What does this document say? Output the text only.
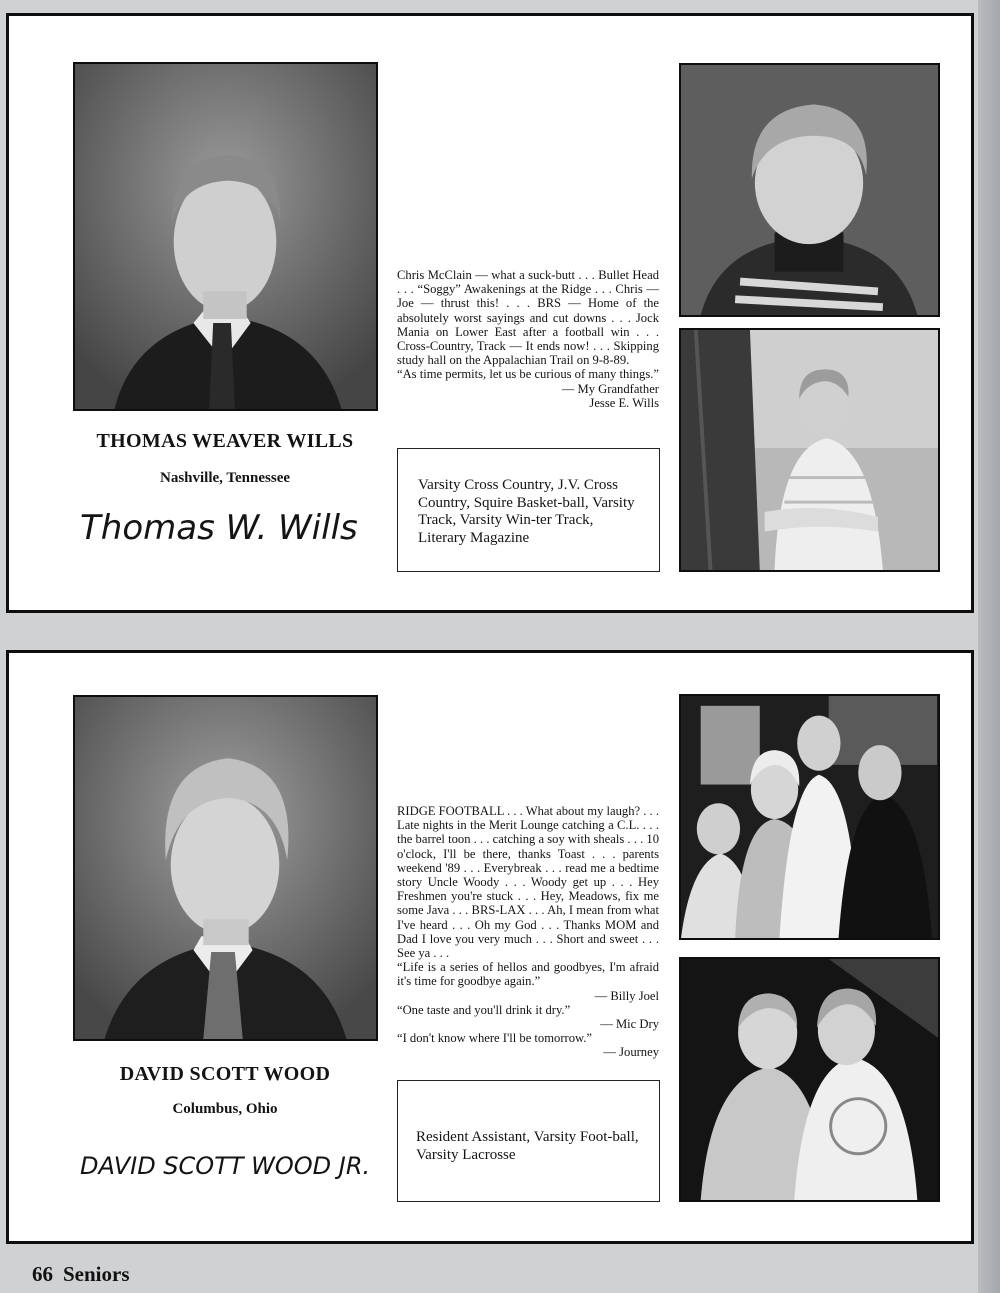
THOMAS WEAVER WILLS
Nashville, Tennessee
Thomas W. Wills

Chris McClain — what a suck-butt . . . Bullet Head . . . “Soggy” Awakenings at the Ridge . . . Chris — Joe — thrust this! . . . BRS — Home of the absolutely worst sayings and cut downs . . . Jock Mania on Lower East after a football win . . . Cross-Country, Track — It ends now! . . . Skipping study hall on the Appalachian Trail on 9-8-89.

“As time permits, let us be curious of many things.”

— My Grandfather

Jesse E. Wills

Varsity Cross Country, J.V. Cross Country, Squire Basket-ball, Varsity Track, Varsity Win-ter Track, Literary Magazine
DAVID SCOTT WOOD
Columbus, Ohio
DAVID SCOTT WOOD JR.

RIDGE FOOTBALL . . . What about my laugh? . . . Late nights in the Merit Lounge catching a C.L. . . . the barrel toon . . . catching a soy with sheals . . . 10 o'clock, I'll be there, thanks Toast . . . parents weekend '89 . . . Everybreak . . . read me a bedtime story Uncle Woody . . . Woody get up . . . Hey Freshmen you're stuck . . . Hey, Meadows, fix me some Java . . . BRS-LAX . . . Ah, I mean from what I've heard . . . Oh my God . . . Thanks MOM and Dad I love you very much . . . Short and sweet . . . See ya . . .

“Life is a series of hellos and goodbyes, I'm afraid it's time for goodbye again.”

— Billy Joel

“One taste and you'll drink it dry.”

— Mic Dry

“I don't know where I'll be tomorrow.”

— Journey

Resident Assistant, Varsity Foot-ball, Varsity Lacrosse
66 Seniors
